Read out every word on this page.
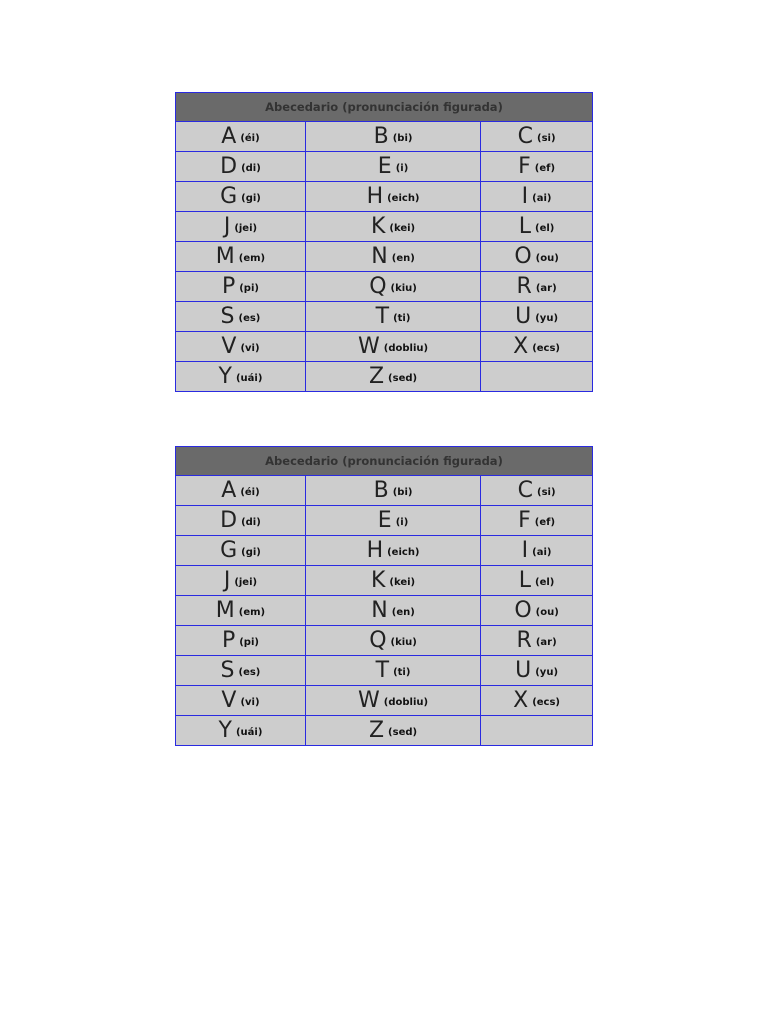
Abecedario (pronunciación figurada)		
A (éi)	B (bi)	C (si)
D (di)	E (i)	F (ef)
G (gi)	H (eich)	I (ai)
J (jei)	K (kei)	L (el)
M (em)	N (en)	O (ou)
P (pi)	Q (kiu)	R (ar)
S (es)	T (ti)	U (yu)
V (vi)	W (dobliu)	X (ecs)
Y (uái)	Z (sed)	
Abecedario (pronunciación figurada)		
A (éi)	B (bi)	C (si)
D (di)	E (i)	F (ef)
G (gi)	H (eich)	I (ai)
J (jei)	K (kei)	L (el)
M (em)	N (en)	O (ou)
P (pi)	Q (kiu)	R (ar)
S (es)	T (ti)	U (yu)
V (vi)	W (dobliu)	X (ecs)
Y (uái)	Z (sed)	
